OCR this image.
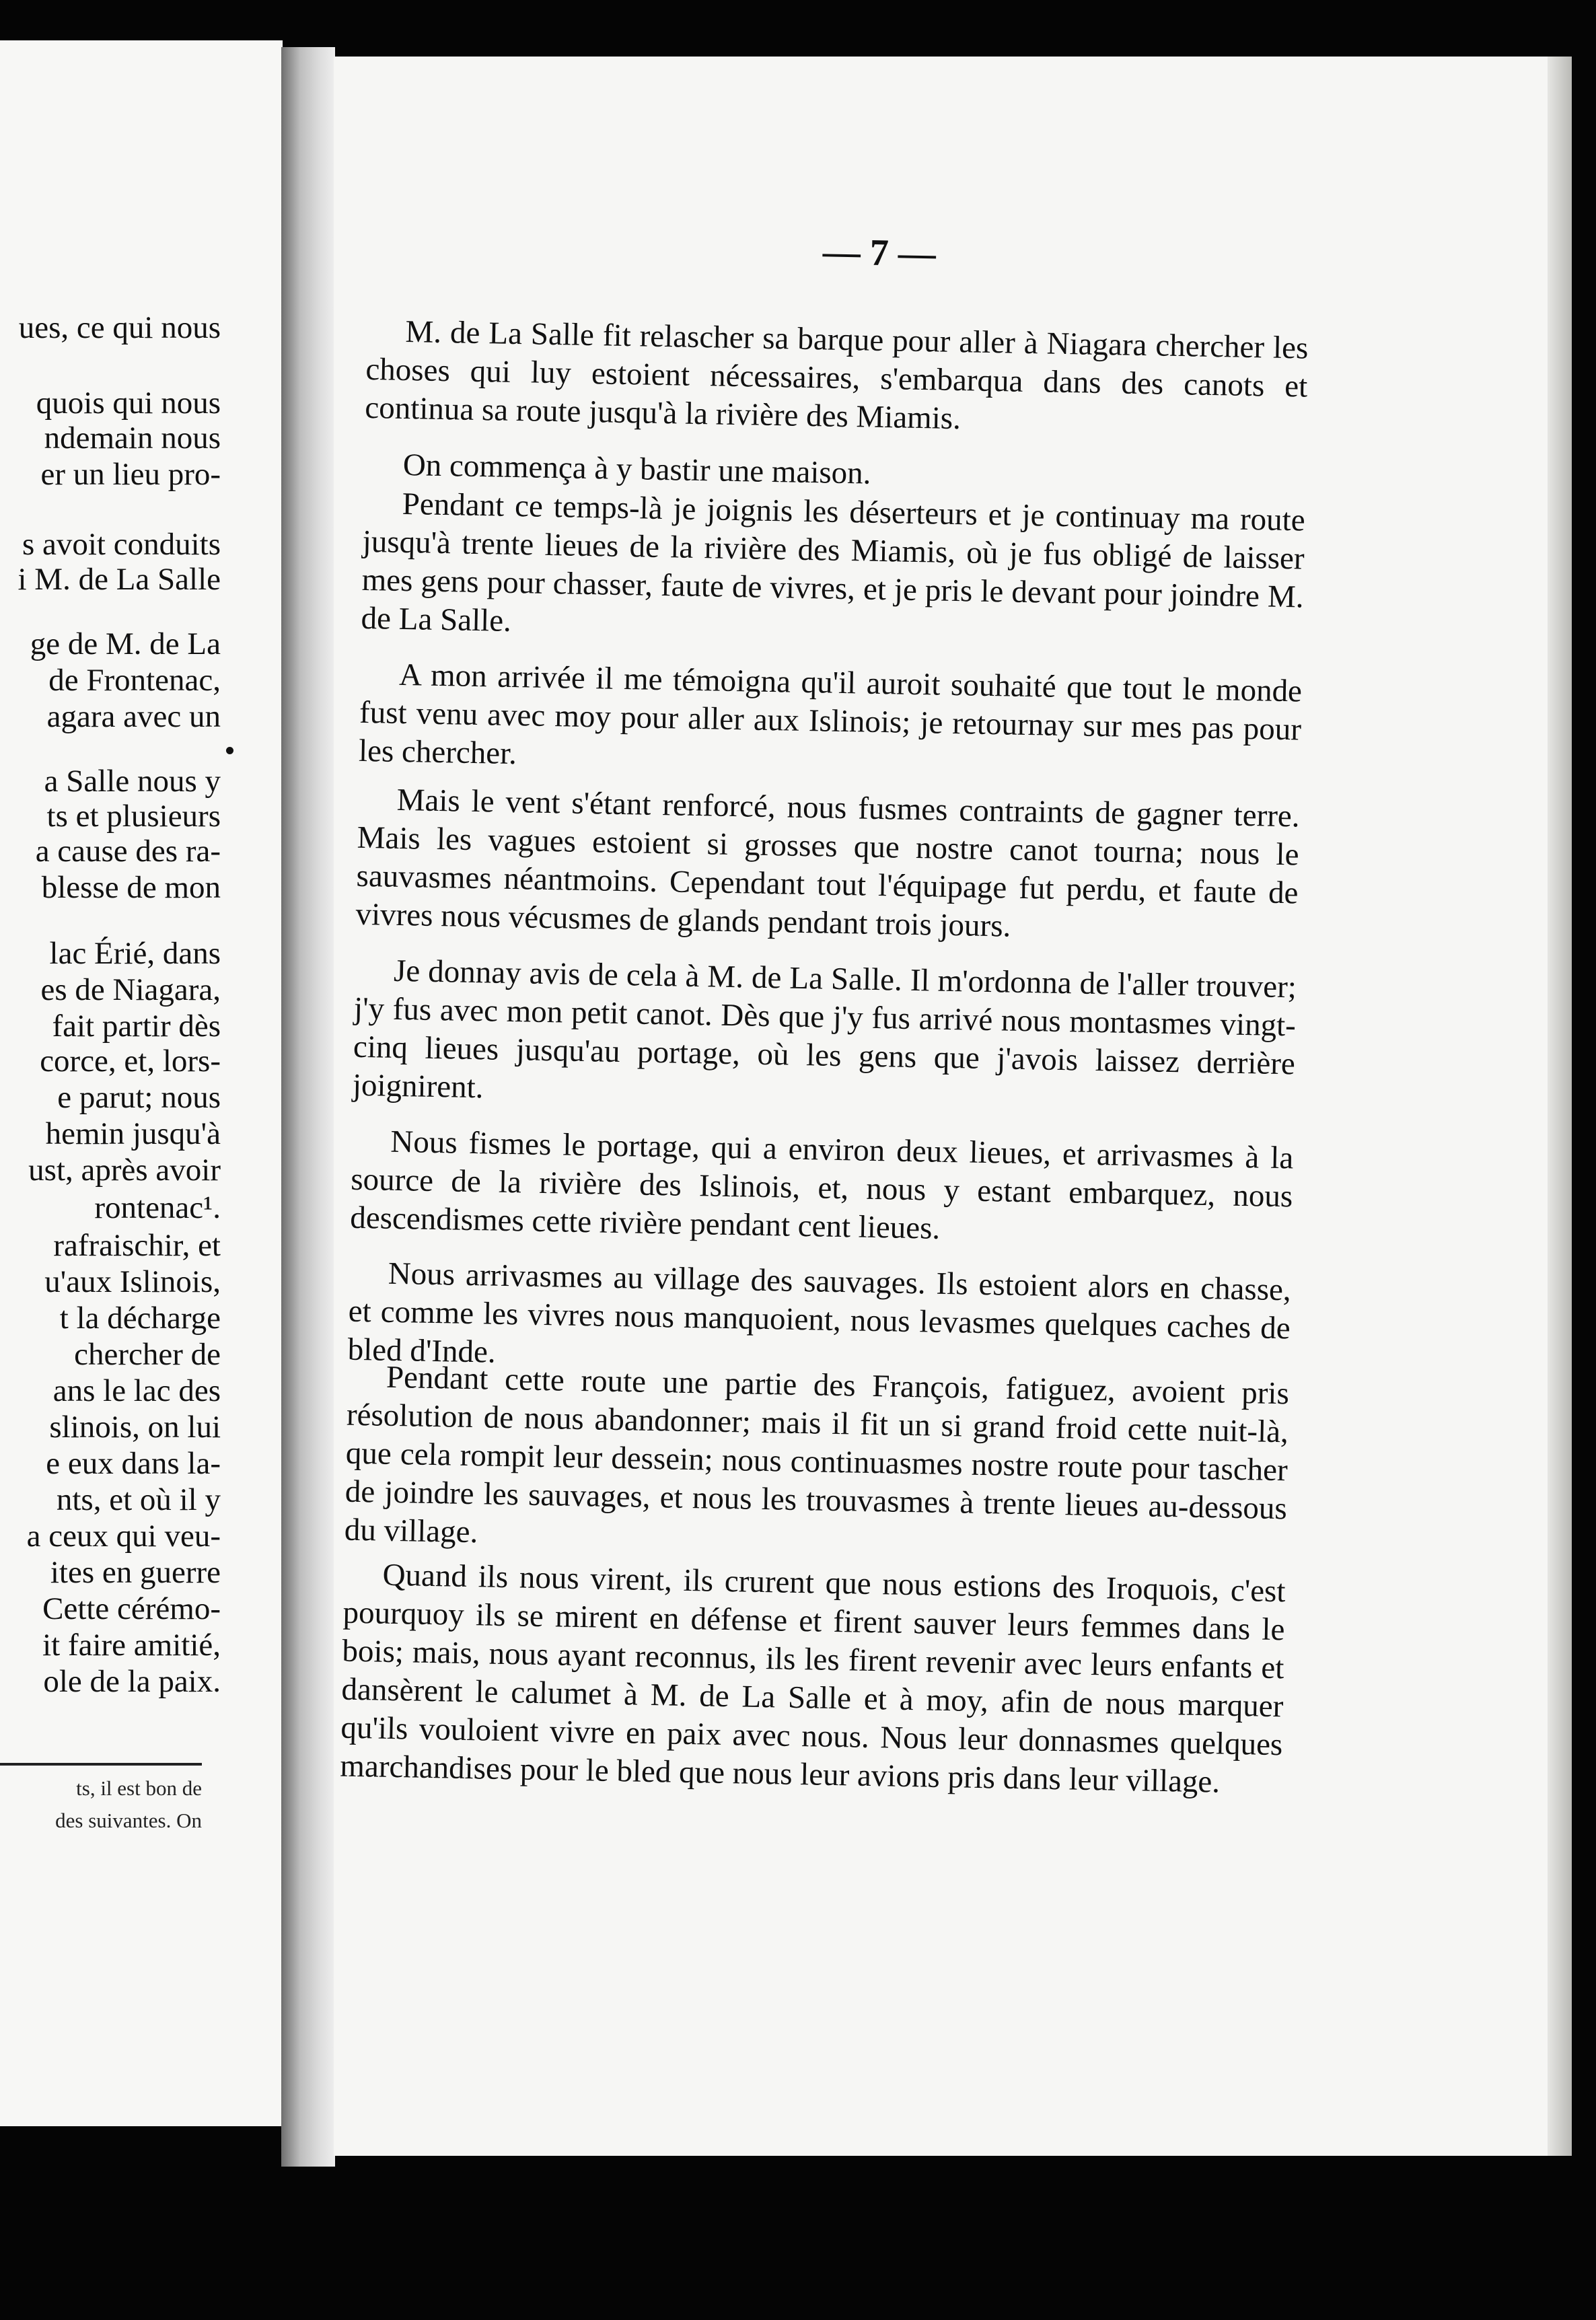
ues, ce qui nous
quois qui nous
ndemain nous
er un lieu pro-
s avoit conduits
i M. de La Salle
ge de M. de La
de Frontenac,
agara avec un
a Salle nous y
ts et plusieurs
a cause des ra-
blesse de mon
lac Érié, dans
es de Niagara,
fait partir dès
corce, et, lors-
e parut; nous
hemin jusqu'à
ust, après avoir
rontenac¹.
rafraischir, et
u'aux Islinois,
t la décharge
chercher de
ans le lac des
slinois, on lui
e eux dans la-
nts, et où il y
a ceux qui veu-
ites en guerre
Cette cérémo-
it faire amitié,
ole de la paix.
ts, il est bon de
des suivantes. On
— 7 —
M. de La Salle fit relascher sa barque pour aller à Niagara chercher les choses qui luy estoient nécessaires, s'embarqua dans des canots et continua sa route jusqu'à la rivière des Miamis.
On commença à y bastir une maison.
Pendant ce temps-là je joignis les déserteurs et je continuay ma route jusqu'à trente lieues de la rivière des Miamis, où je fus obligé de laisser mes gens pour chasser, faute de vivres, et je pris le devant pour joindre M. de La Salle.
A mon arrivée il me témoigna qu'il auroit souhaité que tout le monde fust venu avec moy pour aller aux Islinois; je retournay sur mes pas pour les chercher.
Mais le vent s'étant renforcé, nous fusmes contraints de gagner terre. Mais les vagues estoient si grosses que nostre canot tourna; nous le sauvasmes néantmoins. Cependant tout l'équipage fut perdu, et faute de vivres nous vécusmes de glands pendant trois jours.
Je donnay avis de cela à M. de La Salle. Il m'ordonna de l'aller trouver; j'y fus avec mon petit canot. Dès que j'y fus arrivé nous montasmes vingt-cinq lieues jusqu'au portage, où les gens que j'avois laissez derrière joignirent.
Nous fismes le portage, qui a environ deux lieues, et arrivasmes à la source de la rivière des Islinois, et, nous y estant embarquez, nous descendismes cette rivière pendant cent lieues.
Nous arrivasmes au village des sauvages. Ils estoient alors en chasse, et comme les vivres nous manquoient, nous levasmes quelques caches de bled d'Inde.
Pendant cette route une partie des François, fatiguez, avoient pris résolution de nous abandonner; mais il fit un si grand froid cette nuit-là, que cela rompit leur dessein; nous continuasmes nostre route pour tascher de joindre les sauvages, et nous les trouvasmes à trente lieues au-dessous du village.
Quand ils nous virent, ils crurent que nous estions des Iroquois, c'est pourquoy ils se mirent en défense et firent sauver leurs femmes dans le bois; mais, nous ayant reconnus, ils les firent revenir avec leurs enfants et dansèrent le calumet à M. de La Salle et à moy, afin de nous marquer qu'ils vouloient vivre en paix avec nous. Nous leur donnasmes quelques marchandises pour le bled que nous leur avions pris dans leur village.
